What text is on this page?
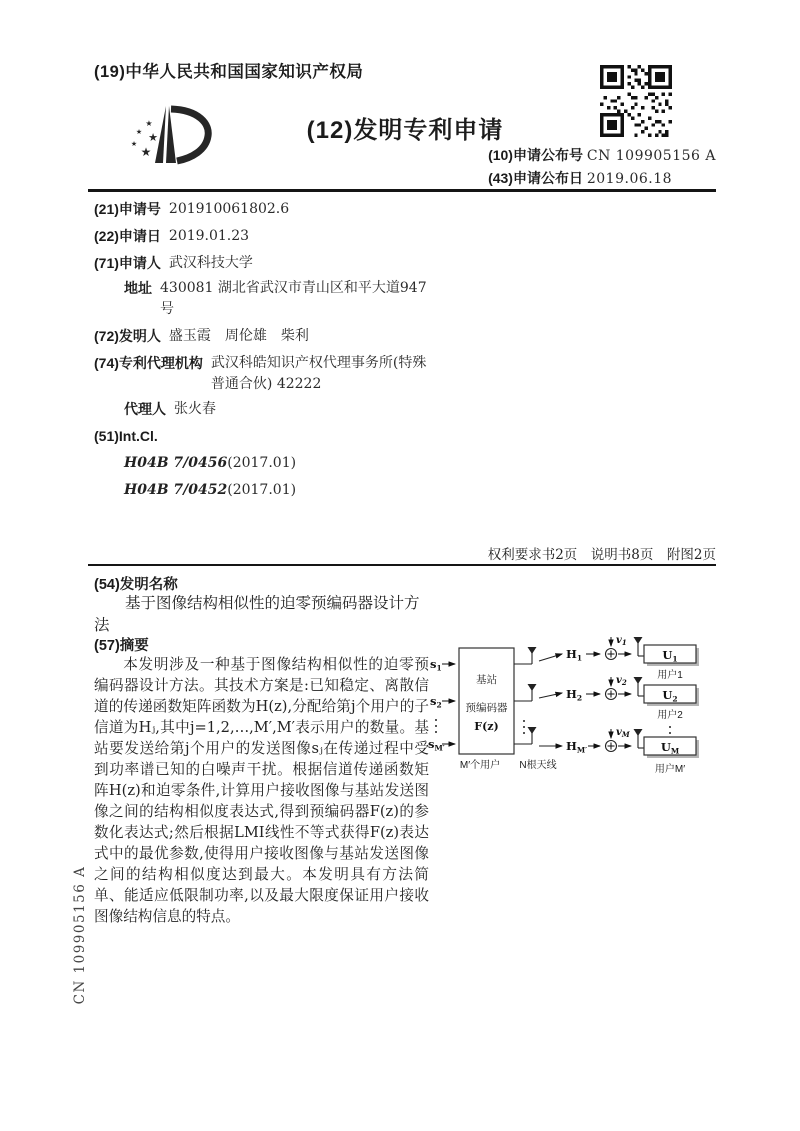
(19)中华人民共和国国家知识产权局
★
★ ★
★
★
(12)发明专利申请
(10)申请公布号 CN 109905156 A
(43)申请公布日 2019.06.18
(21)申请号 201910061802.6
(22)申请日 2019.01.23
(71)申请人 武汉科技大学
地址 430081 湖北省武汉市青山区和平大道947号
(72)发明人 盛玉霞　周伦雄　柴利
(74)专利代理机构 武汉科皓知识产权代理事务所(特殊普通合伙) 42222
代理人 张火春
(51)Int.Cl.
H04B 7/0456 (2017.01)
H04B 7/0452 (2017.01)
权利要求书2页　说明书8页　附图2页
(54)发明名称
基于图像结构相似性的迫零预编码器设计方法
(57)摘要
本发明涉及一种基于图像结构相似性的迫零预编码器设计方法。其技术方案是:已知稳定、离散信道的传递函数矩阵函数为H(z),分配给第j个用户的子信道为Hⱼ,其中j=1,2,…,M′,M′表示用户的数量。基站要发送给第j个用户的发送图像sⱼ在传递过程中受到功率谱已知的白噪声干扰。根据信道传递函数矩阵H(z)和迫零条件,计算用户接收图像与基站发送图像之间的结构相似度表达式,得到预编码器F(z)的参数化表达式;然后根据LMI线性不等式获得F(z)表达式中的最优参数,使得用户接收图像与基站发送图像之间的结构相似度达到最大。本发明具有方法简单、能适应低限制功率,以及最大限度保证用户接收图像结构信息的特点。
基站
预编码器
F(z)
$s_1$
$s_2$
$s_{M'}$
$H_1$
$v_1$
$U_1$
用户1
$H_2$
$v_2$
$U_2$
用户2
$H_{M'}$
$v_M$
$U_M$
用户M′
M′个用户 N根天线
CN 109905156 A
